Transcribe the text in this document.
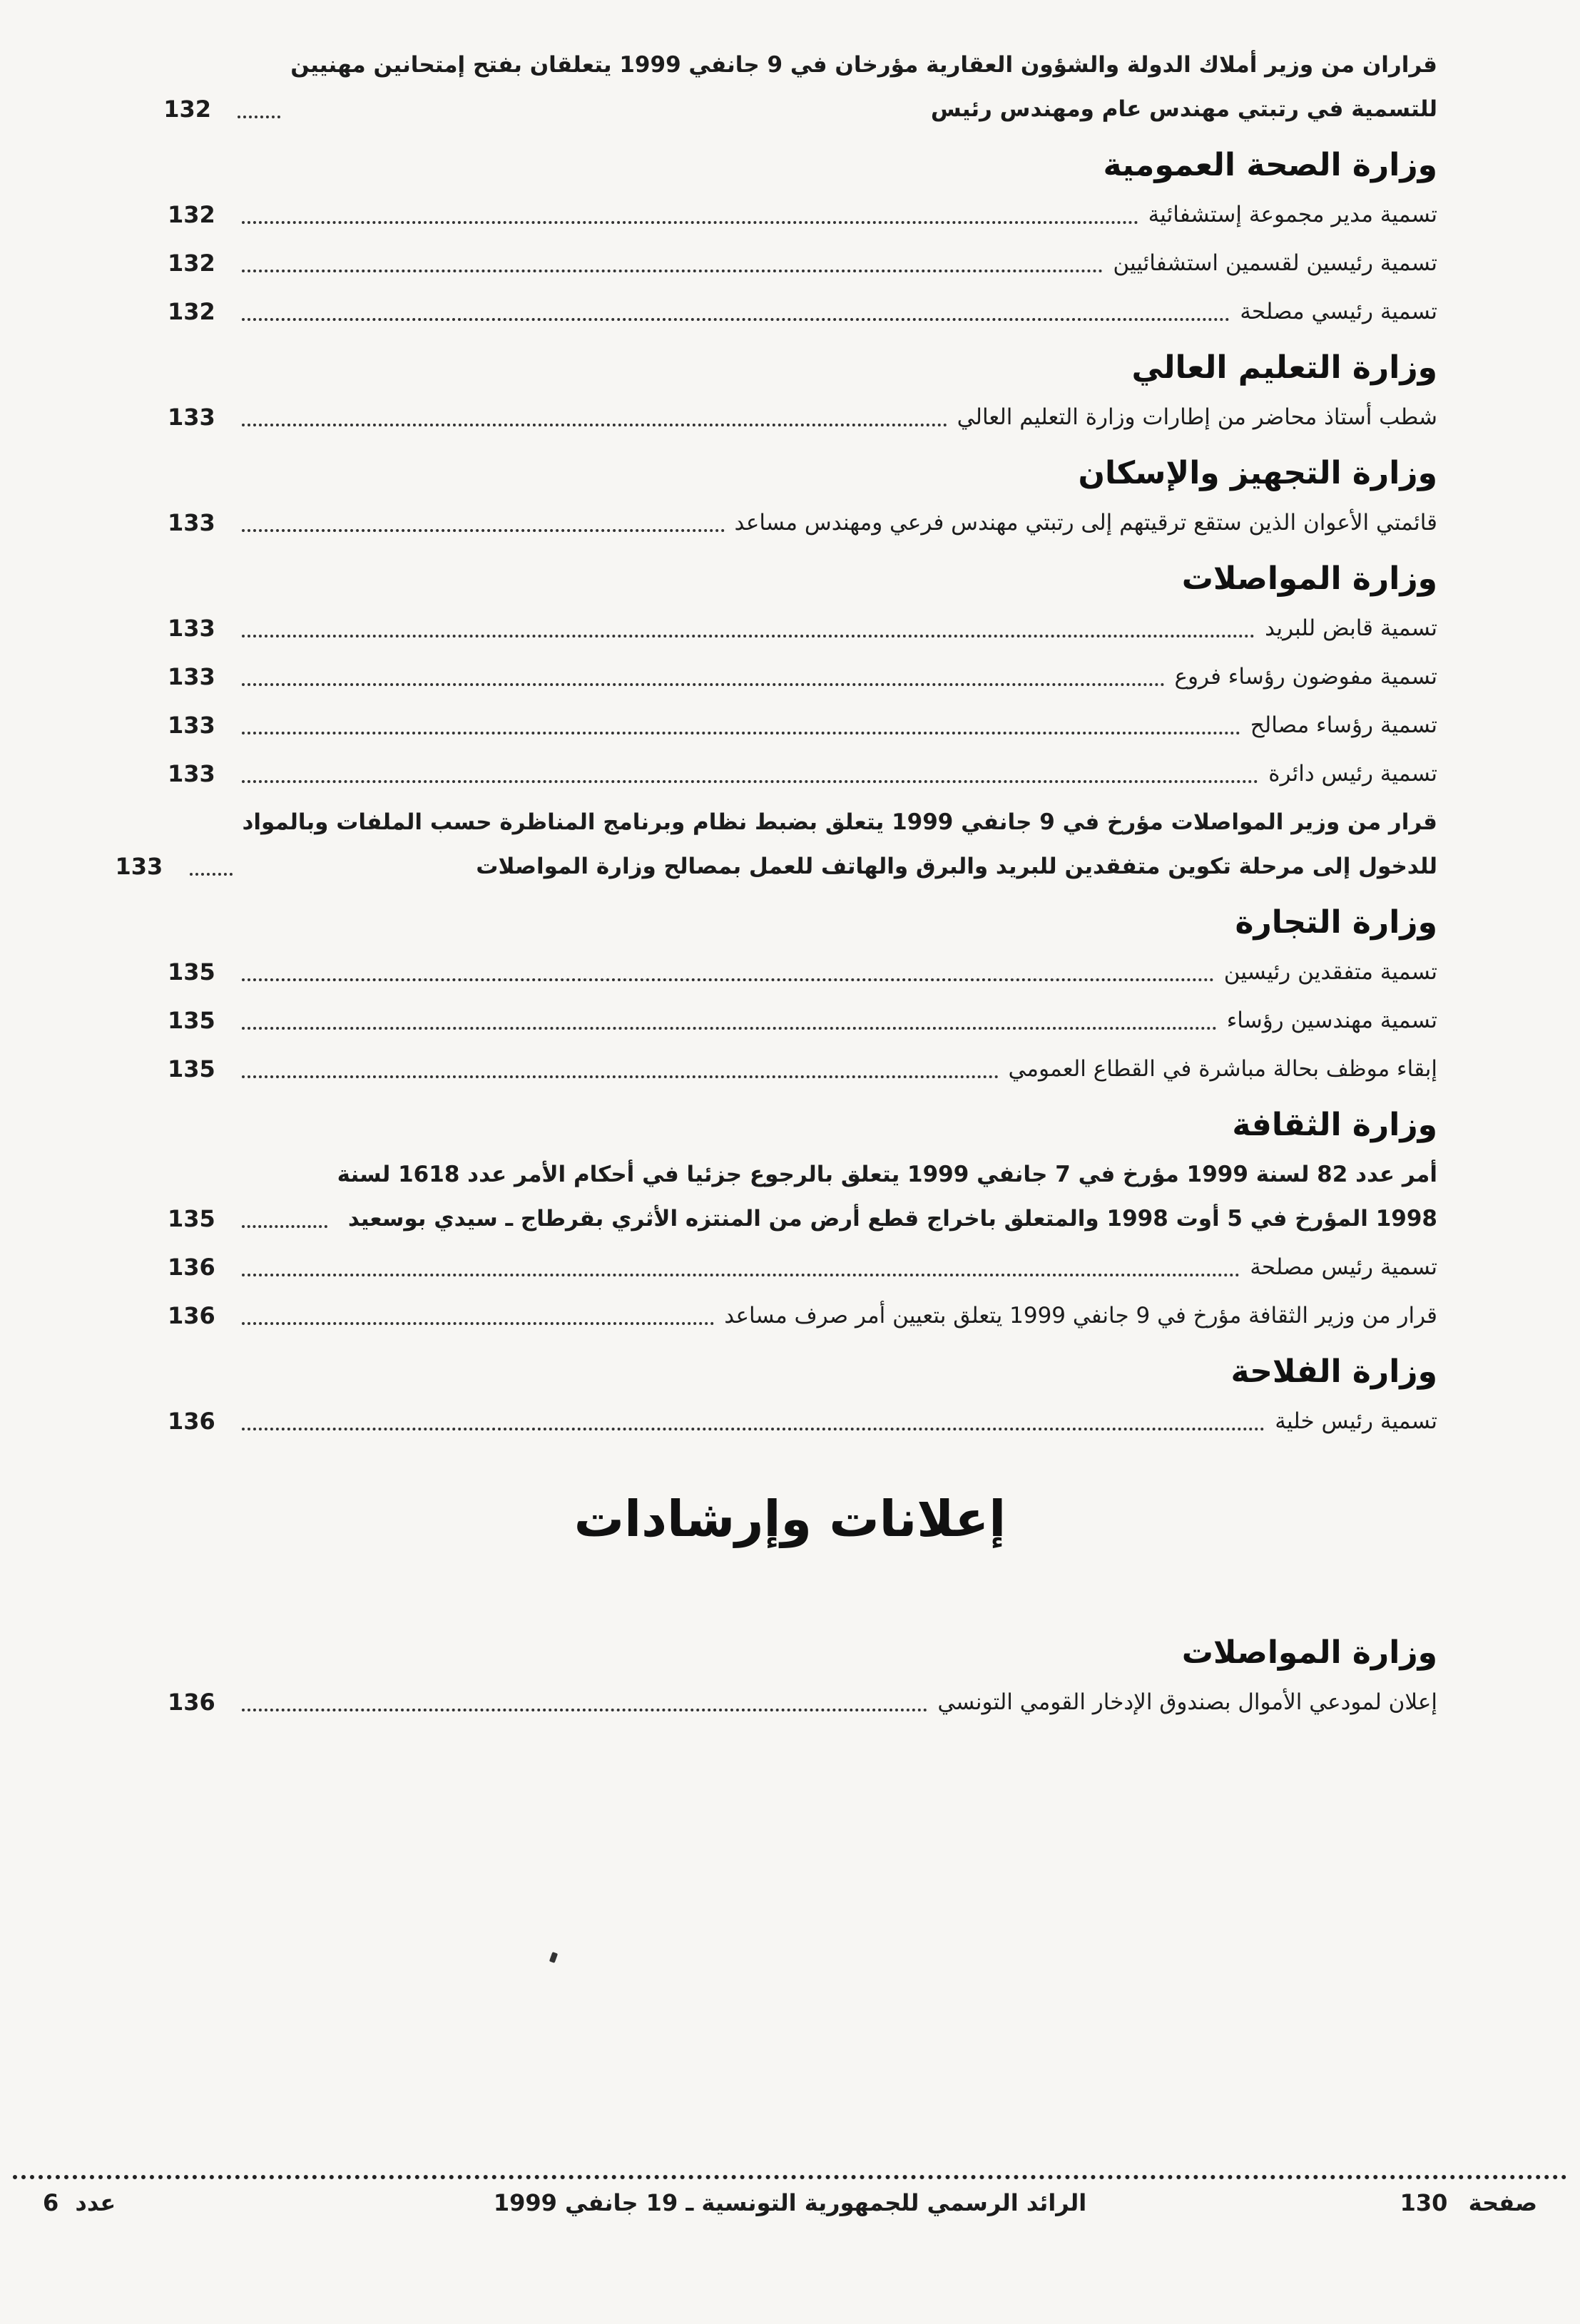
قراران من وزير أملاك الدولة والشؤون العقارية مؤرخان في 9 جانفي 1999 يتعلقان بفتح إمتحانين مهنيين
للتسمية في رتبتي مهندس عام ومهندس رئيس
132
وزارة الصحة العمومية
تسمية مدير مجموعة إستشفائية
132
تسمية رئيسين لقسمين استشفائيين
132
تسمية رئيسي مصلحة
132
وزارة التعليم العالي
شطب أستاذ محاضر من إطارات وزارة التعليم العالي
133
وزارة التجهيز والإسكان
قائمتي الأعوان الذين ستقع ترقيتهم إلى رتبتي مهندس فرعي ومهندس مساعد
133
وزارة المواصلات
تسمية قابض للبريد
133
تسمية مفوضون رؤساء فروع
133
تسمية رؤساء مصالح
133
تسمية رئيس دائرة
133
قرار من وزير المواصلات مؤرخ في 9 جانفي 1999 يتعلق بضبط نظام وبرنامج المناظرة حسب الملفات وبالمواد
للدخول إلى مرحلة تكوين متفقدين للبريد والبرق والهاتف للعمل بمصالح وزارة المواصلات
133
وزارة التجارة
تسمية متفقدين رئيسين
135
تسمية مهندسين رؤساء
135
إبقاء موظف بحالة مباشرة في القطاع العمومي
135
وزارة الثقافة
أمر عدد 82 لسنة 1999 مؤرخ في 7 جانفي 1999 يتعلق بالرجوع جزئيا في أحكام الأمر عدد 1618 لسنة
1998 المؤرخ في 5 أوت 1998 والمتعلق باخراج قطع أرض من المنتزه الأثري بقرطاج ـ سيدي بوسعيد
135
تسمية رئيس مصلحة
136
قرار من وزير الثقافة مؤرخ في 9 جانفي 1999 يتعلق بتعيين أمر صرف مساعد
136
وزارة الفلاحة
تسمية رئيس خلية
136
إعلانات وإرشادات
وزارة المواصلات
إعلان لمودعي الأموال بصندوق الإدخار القومي التونسي
136
صفحة 130
الرائد الرسمي للجمهورية التونسية ـ 19 جانفي 1999
عدد 6
